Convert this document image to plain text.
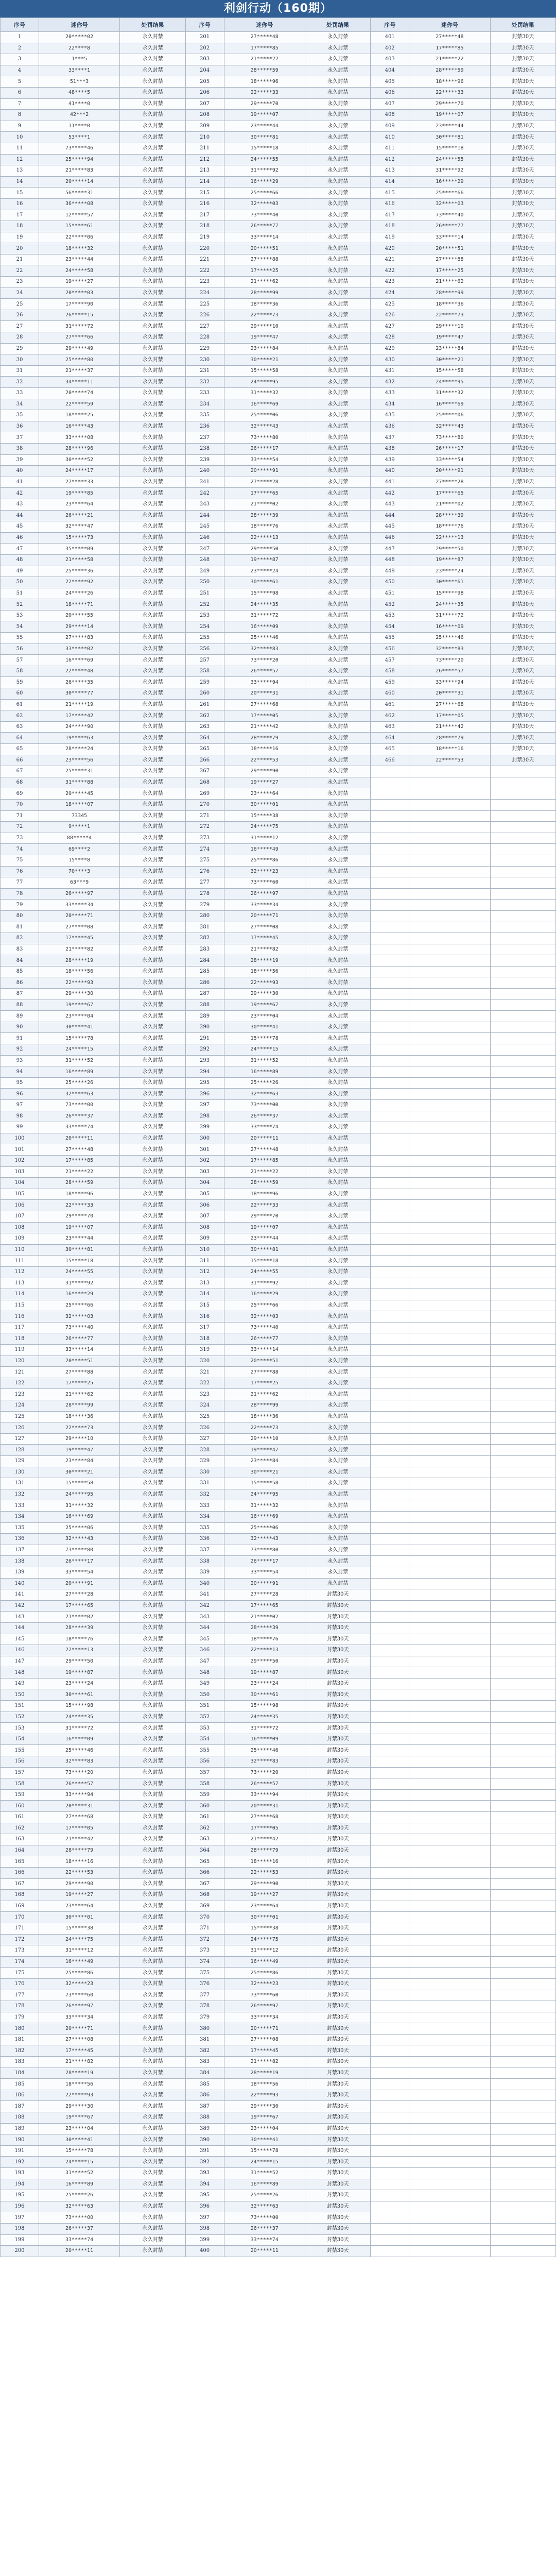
利剑行动（160期）
序号	迷你号	处罚结果	序号	迷你号	处罚结果	序号	迷你号	处罚结果
1	20*****02	永久封禁	201	27*****48	永久封禁	401	27*****48	封禁30天
2	22****8	永久封禁	202	17*****85	永久封禁	402	17*****85	封禁30天
3	1***5	永久封禁	203	21*****22	永久封禁	403	21*****22	封禁30天
4	33****1	永久封禁	204	28*****59	永久封禁	404	28*****59	封禁30天
5	51***3	永久封禁	205	18*****96	永久封禁	405	18*****96	封禁30天
6	48****5	永久封禁	206	22*****33	永久封禁	406	22*****33	封禁30天
7	41****0	永久封禁	207	29*****70	永久封禁	407	29*****70	封禁30天
8	42***2	永久封禁	208	19*****07	永久封禁	408	19*****07	封禁30天
9	11****0	永久封禁	209	23*****44	永久封禁	409	23*****44	封禁30天
10	53****1	永久封禁	210	30*****81	永久封禁	410	30*****81	封禁30天
11	73*****46	永久封禁	211	15*****18	永久封禁	411	15*****18	封禁30天
12	25*****94	永久封禁	212	24*****55	永久封禁	412	24*****55	封禁30天
13	21*****83	永久封禁	213	31*****92	永久封禁	413	31*****92	封禁30天
14	20*****14	永久封禁	214	16*****29	永久封禁	414	16*****29	封禁30天
15	56*****31	永久封禁	215	25*****66	永久封禁	415	25*****66	封禁30天
16	36*****08	永久封禁	216	32*****03	永久封禁	416	32*****03	封禁30天
17	12*****57	永久封禁	217	73*****40	永久封禁	417	73*****40	封禁30天
18	15*****61	永久封禁	218	26*****77	永久封禁	418	26*****77	封禁30天
19	22*****06	永久封禁	219	33*****14	永久封禁	419	33*****14	封禁30天
20	18*****32	永久封禁	220	20*****51	永久封禁	420	20*****51	封禁30天
21	23*****44	永久封禁	221	27*****88	永久封禁	421	27*****88	封禁30天
22	24*****58	永久封禁	222	17*****25	永久封禁	422	17*****25	封禁30天
23	19*****27	永久封禁	223	21*****62	永久封禁	423	21*****62	封禁30天
24	20*****03	永久封禁	224	28*****99	永久封禁	424	28*****99	封禁30天
25	17*****90	永久封禁	225	18*****36	永久封禁	425	18*****36	封禁30天
26	26*****15	永久封禁	226	22*****73	永久封禁	426	22*****73	封禁30天
27	31*****72	永久封禁	227	29*****10	永久封禁	427	29*****10	封禁30天
28	27*****66	永久封禁	228	19*****47	永久封禁	428	19*****47	封禁30天
29	29*****49	永久封禁	229	23*****84	永久封禁	429	23*****84	封禁30天
30	25*****80	永久封禁	230	30*****21	永久封禁	430	30*****21	封禁30天
31	21*****37	永久封禁	231	15*****58	永久封禁	431	15*****58	封禁30天
32	34*****11	永久封禁	232	24*****95	永久封禁	432	24*****95	封禁30天
33	20*****74	永久封禁	233	31*****32	永久封禁	433	31*****32	封禁30天
34	22*****59	永久封禁	234	16*****69	永久封禁	434	16*****69	封禁30天
35	18*****25	永久封禁	235	25*****06	永久封禁	435	25*****06	封禁30天
36	16*****43	永久封禁	236	32*****43	永久封禁	436	32*****43	封禁30天
37	33*****08	永久封禁	237	73*****80	永久封禁	437	73*****80	封禁30天
38	28*****96	永久封禁	238	26*****17	永久封禁	438	26*****17	封禁30天
39	30*****52	永久封禁	239	33*****54	永久封禁	439	33*****54	封禁30天
40	24*****17	永久封禁	240	20*****91	永久封禁	440	20*****91	封禁30天
41	27*****33	永久封禁	241	27*****28	永久封禁	441	27*****28	封禁30天
42	19*****85	永久封禁	242	17*****65	永久封禁	442	17*****65	封禁30天
43	23*****64	永久封禁	243	21*****02	永久封禁	443	21*****02	封禁30天
44	26*****21	永久封禁	244	28*****39	永久封禁	444	28*****39	封禁30天
45	32*****47	永久封禁	245	18*****76	永久封禁	445	18*****76	封禁30天
46	15*****73	永久封禁	246	22*****13	永久封禁	446	22*****13	封禁30天
47	35*****09	永久封禁	247	29*****50	永久封禁	447	29*****50	封禁30天
48	21*****58	永久封禁	248	19*****87	永久封禁	448	19*****87	封禁30天
49	25*****36	永久封禁	249	23*****24	永久封禁	449	23*****24	封禁30天
50	22*****92	永久封禁	250	30*****61	永久封禁	450	30*****61	封禁30天
51	24*****26	永久封禁	251	15*****98	永久封禁	451	15*****98	封禁30天
52	18*****71	永久封禁	252	24*****35	永久封禁	452	24*****35	封禁30天
53	20*****55	永久封禁	253	31*****72	永久封禁	453	31*****72	封禁30天
54	29*****14	永久封禁	254	16*****09	永久封禁	454	16*****09	封禁30天
55	27*****83	永久封禁	255	25*****46	永久封禁	455	25*****46	封禁30天
56	33*****02	永久封禁	256	32*****83	永久封禁	456	32*****83	封禁30天
57	16*****69	永久封禁	257	73*****20	永久封禁	457	73*****20	封禁30天
58	22*****48	永久封禁	258	26*****57	永久封禁	458	26*****57	封禁30天
59	26*****35	永久封禁	259	33*****94	永久封禁	459	33*****94	封禁30天
60	30*****77	永久封禁	260	20*****31	永久封禁	460	20*****31	封禁30天
61	21*****19	永久封禁	261	27*****68	永久封禁	461	27*****68	封禁30天
62	17*****42	永久封禁	262	17*****05	永久封禁	462	17*****05	封禁30天
63	24*****90	永久封禁	263	21*****42	永久封禁	463	21*****42	封禁30天
64	19*****63	永久封禁	264	28*****79	永久封禁	464	28*****79	封禁30天
65	28*****24	永久封禁	265	18*****16	永久封禁	465	18*****16	封禁30天
66	23*****56	永久封禁	266	22*****53	永久封禁	466	22*****53	封禁30天
67	25*****31	永久封禁	267	29*****90	永久封禁			
68	31*****88	永久封禁	268	19*****27	永久封禁			
69	20*****45	永久封禁	269	23*****64	永久封禁			
70	18*****07	永久封禁	270	30*****01	永久封禁			
71	73345	永久封禁	271	15*****38	永久封禁			
72	9*****1	永久封禁	272	24*****75	永久封禁			
73	88*****4	永久封禁	273	31*****12	永久封禁			
74	69****2	永久封禁	274	16*****49	永久封禁			
75	15****8	永久封禁	275	25*****86	永久封禁			
76	70****3	永久封禁	276	32*****23	永久封禁			
77	63***9	永久封禁	277	73*****60	永久封禁			
78	26*****97	永久封禁	278	26*****97	永久封禁			
79	33*****34	永久封禁	279	33*****34	永久封禁			
80	20*****71	永久封禁	280	20*****71	永久封禁			
81	27*****08	永久封禁	281	27*****08	永久封禁			
82	17*****45	永久封禁	282	17*****45	永久封禁			
83	21*****82	永久封禁	283	21*****82	永久封禁			
84	28*****19	永久封禁	284	28*****19	永久封禁			
85	18*****56	永久封禁	285	18*****56	永久封禁			
86	22*****93	永久封禁	286	22*****93	永久封禁			
87	29*****30	永久封禁	287	29*****30	永久封禁			
88	19*****67	永久封禁	288	19*****67	永久封禁			
89	23*****04	永久封禁	289	23*****04	永久封禁			
90	30*****41	永久封禁	290	30*****41	永久封禁			
91	15*****78	永久封禁	291	15*****78	永久封禁			
92	24*****15	永久封禁	292	24*****15	永久封禁			
93	31*****52	永久封禁	293	31*****52	永久封禁			
94	16*****89	永久封禁	294	16*****89	永久封禁			
95	25*****26	永久封禁	295	25*****26	永久封禁			
96	32*****63	永久封禁	296	32*****63	永久封禁			
97	73*****00	永久封禁	297	73*****00	永久封禁			
98	26*****37	永久封禁	298	26*****37	永久封禁			
99	33*****74	永久封禁	299	33*****74	永久封禁			
100	20*****11	永久封禁	300	20*****11	永久封禁			
101	27*****48	永久封禁	301	27*****48	永久封禁			
102	17*****85	永久封禁	302	17*****85	永久封禁			
103	21*****22	永久封禁	303	21*****22	永久封禁			
104	28*****59	永久封禁	304	28*****59	永久封禁			
105	18*****96	永久封禁	305	18*****96	永久封禁			
106	22*****33	永久封禁	306	22*****33	永久封禁			
107	29*****70	永久封禁	307	29*****70	永久封禁			
108	19*****07	永久封禁	308	19*****07	永久封禁			
109	23*****44	永久封禁	309	23*****44	永久封禁			
110	30*****81	永久封禁	310	30*****81	永久封禁			
111	15*****18	永久封禁	311	15*****18	永久封禁			
112	24*****55	永久封禁	312	24*****55	永久封禁			
113	31*****92	永久封禁	313	31*****92	永久封禁			
114	16*****29	永久封禁	314	16*****29	永久封禁			
115	25*****66	永久封禁	315	25*****66	永久封禁			
116	32*****03	永久封禁	316	32*****03	永久封禁			
117	73*****40	永久封禁	317	73*****40	永久封禁			
118	26*****77	永久封禁	318	26*****77	永久封禁			
119	33*****14	永久封禁	319	33*****14	永久封禁			
120	20*****51	永久封禁	320	20*****51	永久封禁			
121	27*****88	永久封禁	321	27*****88	永久封禁			
122	17*****25	永久封禁	322	17*****25	永久封禁			
123	21*****62	永久封禁	323	21*****62	永久封禁			
124	28*****99	永久封禁	324	28*****99	永久封禁			
125	18*****36	永久封禁	325	18*****36	永久封禁			
126	22*****73	永久封禁	326	22*****73	永久封禁			
127	29*****10	永久封禁	327	29*****10	永久封禁			
128	19*****47	永久封禁	328	19*****47	永久封禁			
129	23*****84	永久封禁	329	23*****84	永久封禁			
130	30*****21	永久封禁	330	30*****21	永久封禁			
131	15*****58	永久封禁	331	15*****58	永久封禁			
132	24*****95	永久封禁	332	24*****95	永久封禁			
133	31*****32	永久封禁	333	31*****32	永久封禁			
134	16*****69	永久封禁	334	16*****69	永久封禁			
135	25*****06	永久封禁	335	25*****06	永久封禁			
136	32*****43	永久封禁	336	32*****43	永久封禁			
137	73*****80	永久封禁	337	73*****80	永久封禁			
138	26*****17	永久封禁	338	26*****17	永久封禁			
139	33*****54	永久封禁	339	33*****54	永久封禁			
140	20*****91	永久封禁	340	20*****91	永久封禁			
141	27*****28	永久封禁	341	27*****28	封禁30天			
142	17*****65	永久封禁	342	17*****65	封禁30天			
143	21*****02	永久封禁	343	21*****02	封禁30天			
144	28*****39	永久封禁	344	28*****39	封禁30天			
145	18*****76	永久封禁	345	18*****76	封禁30天			
146	22*****13	永久封禁	346	22*****13	封禁30天			
147	29*****50	永久封禁	347	29*****50	封禁30天			
148	19*****87	永久封禁	348	19*****87	封禁30天			
149	23*****24	永久封禁	349	23*****24	封禁30天			
150	30*****61	永久封禁	350	30*****61	封禁30天			
151	15*****98	永久封禁	351	15*****98	封禁30天			
152	24*****35	永久封禁	352	24*****35	封禁30天			
153	31*****72	永久封禁	353	31*****72	封禁30天			
154	16*****09	永久封禁	354	16*****09	封禁30天			
155	25*****46	永久封禁	355	25*****46	封禁30天			
156	32*****83	永久封禁	356	32*****83	封禁30天			
157	73*****20	永久封禁	357	73*****20	封禁30天			
158	26*****57	永久封禁	358	26*****57	封禁30天			
159	33*****94	永久封禁	359	33*****94	封禁30天			
160	20*****31	永久封禁	360	20*****31	封禁30天			
161	27*****68	永久封禁	361	27*****68	封禁30天			
162	17*****05	永久封禁	362	17*****05	封禁30天			
163	21*****42	永久封禁	363	21*****42	封禁30天			
164	28*****79	永久封禁	364	28*****79	封禁30天			
165	18*****16	永久封禁	365	18*****16	封禁30天			
166	22*****53	永久封禁	366	22*****53	封禁30天			
167	29*****90	永久封禁	367	29*****90	封禁30天			
168	19*****27	永久封禁	368	19*****27	封禁30天			
169	23*****64	永久封禁	369	23*****64	封禁30天			
170	30*****01	永久封禁	370	30*****01	封禁30天			
171	15*****38	永久封禁	371	15*****38	封禁30天			
172	24*****75	永久封禁	372	24*****75	封禁30天			
173	31*****12	永久封禁	373	31*****12	封禁30天			
174	16*****49	永久封禁	374	16*****49	封禁30天			
175	25*****86	永久封禁	375	25*****86	封禁30天			
176	32*****23	永久封禁	376	32*****23	封禁30天			
177	73*****60	永久封禁	377	73*****60	封禁30天			
178	26*****97	永久封禁	378	26*****97	封禁30天			
179	33*****34	永久封禁	379	33*****34	封禁30天			
180	20*****71	永久封禁	380	20*****71	封禁30天			
181	27*****08	永久封禁	381	27*****08	封禁30天			
182	17*****45	永久封禁	382	17*****45	封禁30天			
183	21*****82	永久封禁	383	21*****82	封禁30天			
184	28*****19	永久封禁	384	28*****19	封禁30天			
185	18*****56	永久封禁	385	18*****56	封禁30天			
186	22*****93	永久封禁	386	22*****93	封禁30天			
187	29*****30	永久封禁	387	29*****30	封禁30天			
188	19*****67	永久封禁	388	19*****67	封禁30天			
189	23*****04	永久封禁	389	23*****04	封禁30天			
190	30*****41	永久封禁	390	30*****41	封禁30天			
191	15*****78	永久封禁	391	15*****78	封禁30天			
192	24*****15	永久封禁	392	24*****15	封禁30天			
193	31*****52	永久封禁	393	31*****52	封禁30天			
194	16*****89	永久封禁	394	16*****89	封禁30天			
195	25*****26	永久封禁	395	25*****26	封禁30天			
196	32*****63	永久封禁	396	32*****63	封禁30天			
197	73*****00	永久封禁	397	73*****00	封禁30天			
198	26*****37	永久封禁	398	26*****37	封禁30天			
199	33*****74	永久封禁	399	33*****74	封禁30天			
200	20*****11	永久封禁	400	20*****11	封禁30天			
